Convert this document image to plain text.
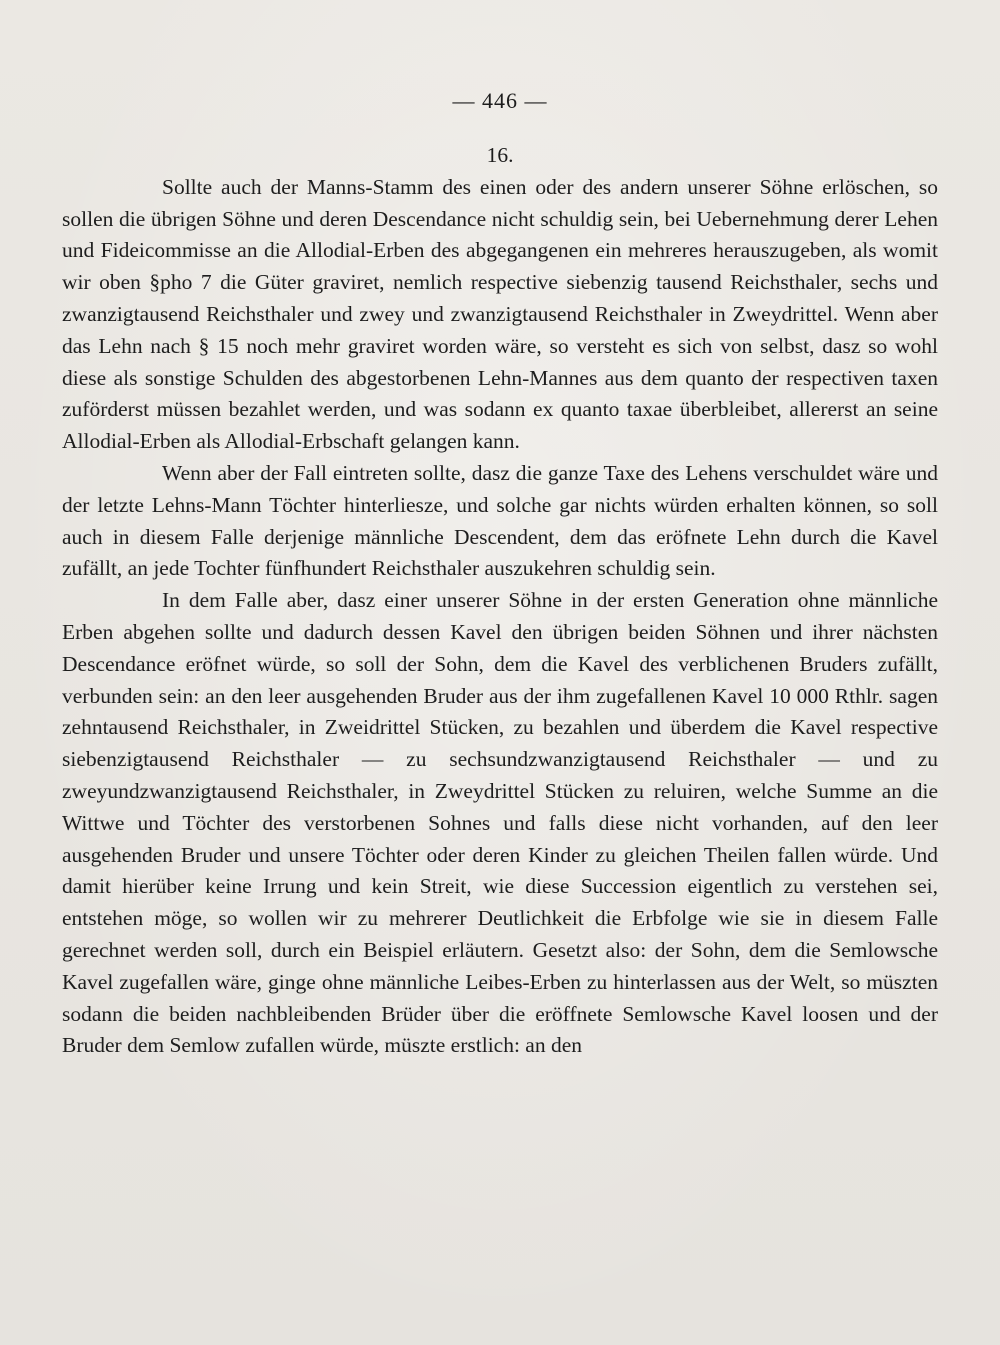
— 446 —

16.

Sollte auch der Manns-Stamm des einen oder des andern unserer Söhne erlöschen, so sollen die übrigen Söhne und deren Descendance nicht schuldig sein, bei Uebernehmung derer Lehen und Fideicommisse an die Allodial-Erben des abgegangenen ein mehreres herauszugeben, als womit wir oben §pho 7 die Güter graviret, nemlich respective siebenzig tausend Reichsthaler, sechs und zwanzigtausend Reichsthaler und zwey und zwanzigtausend Reichsthaler in Zweydrittel. Wenn aber das Lehn nach § 15 noch mehr graviret worden wäre, so versteht es sich von selbst, dasz so wohl diese als sonstige Schulden des abgestorbenen Lehn-Mannes aus dem quanto der respectiven taxen zuförderst müssen bezahlet werden, und was sodann ex quanto taxae überbleibet, allererst an seine Allodial-Erben als Allodial-Erbschaft gelangen kann.

Wenn aber der Fall eintreten sollte, dasz die ganze Taxe des Lehens verschuldet wäre und der letzte Lehns-Mann Töchter hinterliesze, und solche gar nichts würden erhalten können, so soll auch in diesem Falle derjenige männliche Descendent, dem das eröfnete Lehn durch die Kavel zufällt, an jede Tochter fünfhundert Reichsthaler auszukehren schuldig sein.

In dem Falle aber, dasz einer unserer Söhne in der ersten Generation ohne männliche Erben abgehen sollte und dadurch dessen Kavel den übrigen beiden Söhnen und ihrer nächsten Descendance eröfnet würde, so soll der Sohn, dem die Kavel des verblichenen Bruders zufällt, verbunden sein: an den leer ausgehenden Bruder aus der ihm zugefallenen Kavel 10 000 Rthlr. sagen zehntausend Reichsthaler, in Zweidrittel Stücken, zu bezahlen und überdem die Kavel respective siebenzigtausend Reichsthaler — zu sechsundzwanzigtausend Reichsthaler — und zu zweyundzwanzigtausend Reichsthaler, in Zweydrittel Stücken zu reluiren, welche Summe an die Wittwe und Töchter des verstorbenen Sohnes und falls diese nicht vorhanden, auf den leer ausgehenden Bruder und unsere Töchter oder deren Kinder zu gleichen Theilen fallen würde. Und damit hierüber keine Irrung und kein Streit, wie diese Succession eigentlich zu verstehen sei, entstehen möge, so wollen wir zu mehrerer Deutlichkeit die Erbfolge wie sie in diesem Falle gerechnet werden soll, durch ein Beispiel erläutern. Gesetzt also: der Sohn, dem die Semlowsche Kavel zugefallen wäre, ginge ohne männliche Leibes-Erben zu hinterlassen aus der Welt, so müszten sodann die beiden nachbleibenden Brüder über die eröffnete Semlowsche Kavel loosen und der Bruder dem Semlow zufallen würde, müszte erstlich: an den
